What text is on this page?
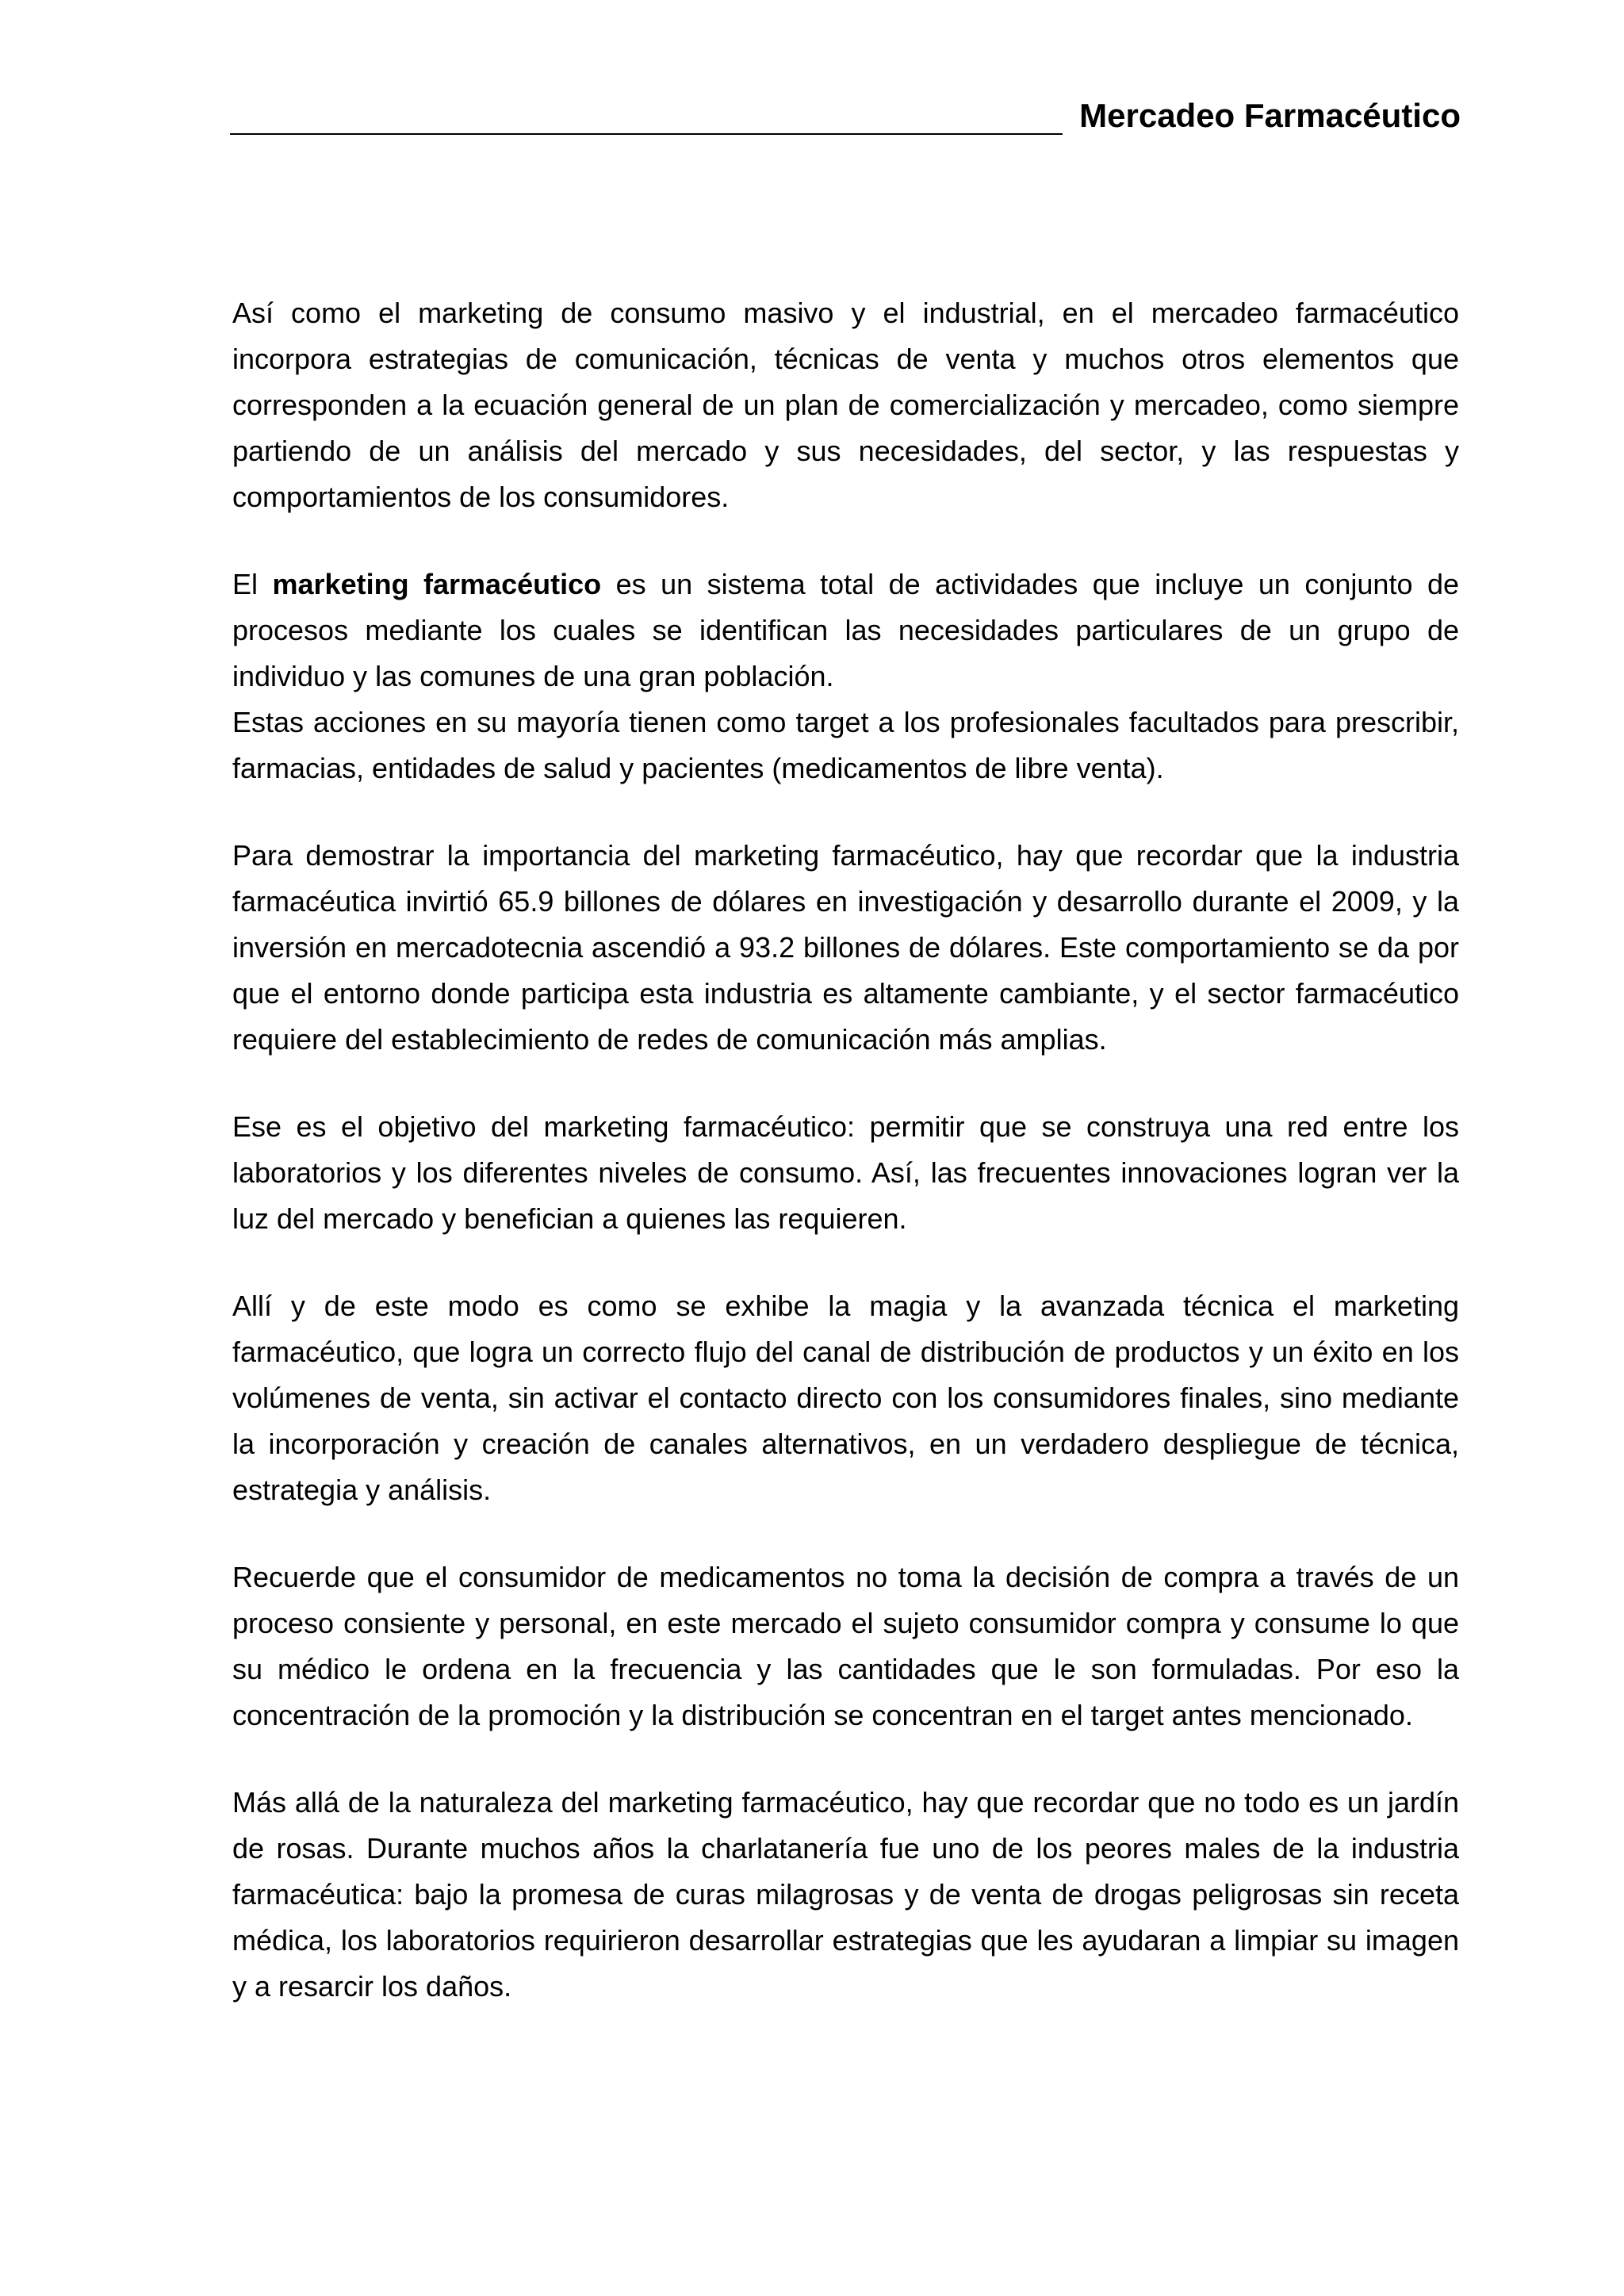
Mercadeo Farmacéutico

Así como el marketing de consumo masivo y el industrial, en el mercadeo farmacéutico incorpora estrategias de comunicación, técnicas de venta y muchos otros elementos que corresponden a la ecuación general de un plan de comercialización y mercadeo, como siempre partiendo de un análisis del mercado y sus necesidades, del sector, y las respuestas y comportamientos de los consumidores.

El marketing farmacéutico es un sistema total de actividades que incluye un conjunto de procesos mediante los cuales se identifican las necesidades particulares de un grupo de individuo y las comunes de una gran población.

Estas acciones en su mayoría tienen como target a los profesionales facultados para prescribir, farmacias, entidades de salud y pacientes (medicamentos de libre venta).

Para demostrar la importancia del marketing farmacéutico, hay que recordar que la industria farmacéutica invirtió 65.9 billones de dólares en investigación y desarrollo durante el 2009, y la inversión en mercadotecnia ascendió a 93.2 billones de dólares. Este comportamiento se da por que el entorno donde participa esta industria es altamente cambiante, y el sector farmacéutico requiere del establecimiento de redes de comunicación más amplias.

Ese es el objetivo del marketing farmacéutico: permitir que se construya una red entre los laboratorios y los diferentes niveles de consumo. Así, las frecuentes innovaciones logran ver la luz del mercado y benefician a quienes las requieren.

Allí y de este modo es como se exhibe la magia y la avanzada técnica el marketing farmacéutico, que logra un correcto flujo del canal de distribución de productos y un éxito en los volúmenes de venta, sin activar el contacto directo con los consumidores finales, sino mediante la incorporación y creación de canales alternativos, en un verdadero despliegue de técnica, estrategia y análisis.

Recuerde que el consumidor de medicamentos no toma la decisión de compra a través de un proceso consiente y personal, en este mercado el sujeto consumidor compra y consume lo que su médico le ordena en la frecuencia y las cantidades que le son formuladas. Por eso la concentración de la promoción y la distribución se concentran en el target antes mencionado.

Más allá de la naturaleza del marketing farmacéutico, hay que recordar que no todo es un jardín de rosas. Durante muchos años la charlatanería fue uno de los peores males de la industria farmacéutica: bajo la promesa de curas milagrosas y de venta de drogas peligrosas sin receta médica, los laboratorios requirieron desarrollar estrategias que les ayudaran a limpiar su imagen y a resarcir los daños.
